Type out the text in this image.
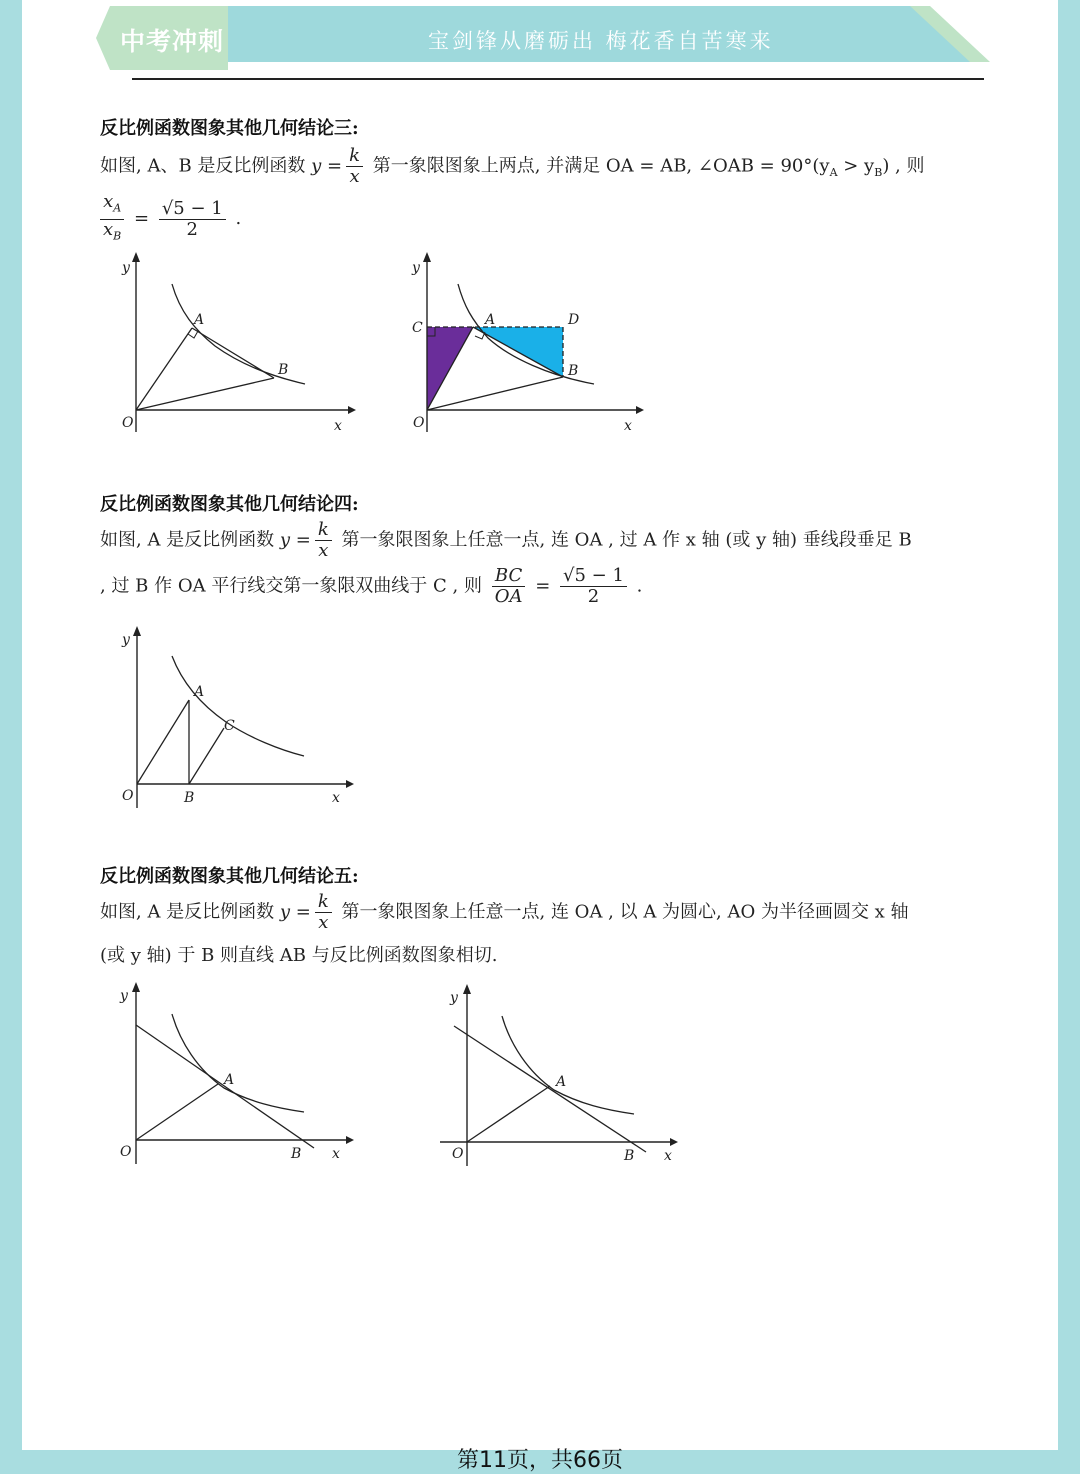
中考冲刺	宝剑锋从磨砺出 梅花香自苦寒来
反比例函数图象其他几何结论三:
如图, A、B 是反比例函数 $y = \frac{k}{x}$ 第一象限图象上两点, 并满足 OA = AB, ∠OAB = $90^\circ(y_A > y_B)$ , 则
$\frac{x_A}{x_B} = \frac{√5 - 1}{2}$ .
y
x
O
A
B
y
x
O
C	A	D
B
反比例函数图象其他几何结论四:
如图, A 是反比例函数 $y = \frac{k}{x}$ 第一象限图象上任意一点, 连 OA , 过 A 作 x 轴 (或 y 轴) 垂线段垂足 B
, 过 B 作 OA 平行线交第一象限双曲线于 C , 则 $\frac{BC}{OA} = \frac{√5 - 1}{2}$ .
y
x
O
A
B
C
反比例函数图象其他几何结论五:
如图, A 是反比例函数 $y = \frac{k}{x}$ 第一象限图象上任意一点, 连 OA , 以 A 为圆心, AO 为半径画圆交 x 轴
(或 y 轴) 于 B 则直线 AB 与反比例函数图象相切.
y
x
O
A
B
y
x
O
A
B
第11页，共66页
